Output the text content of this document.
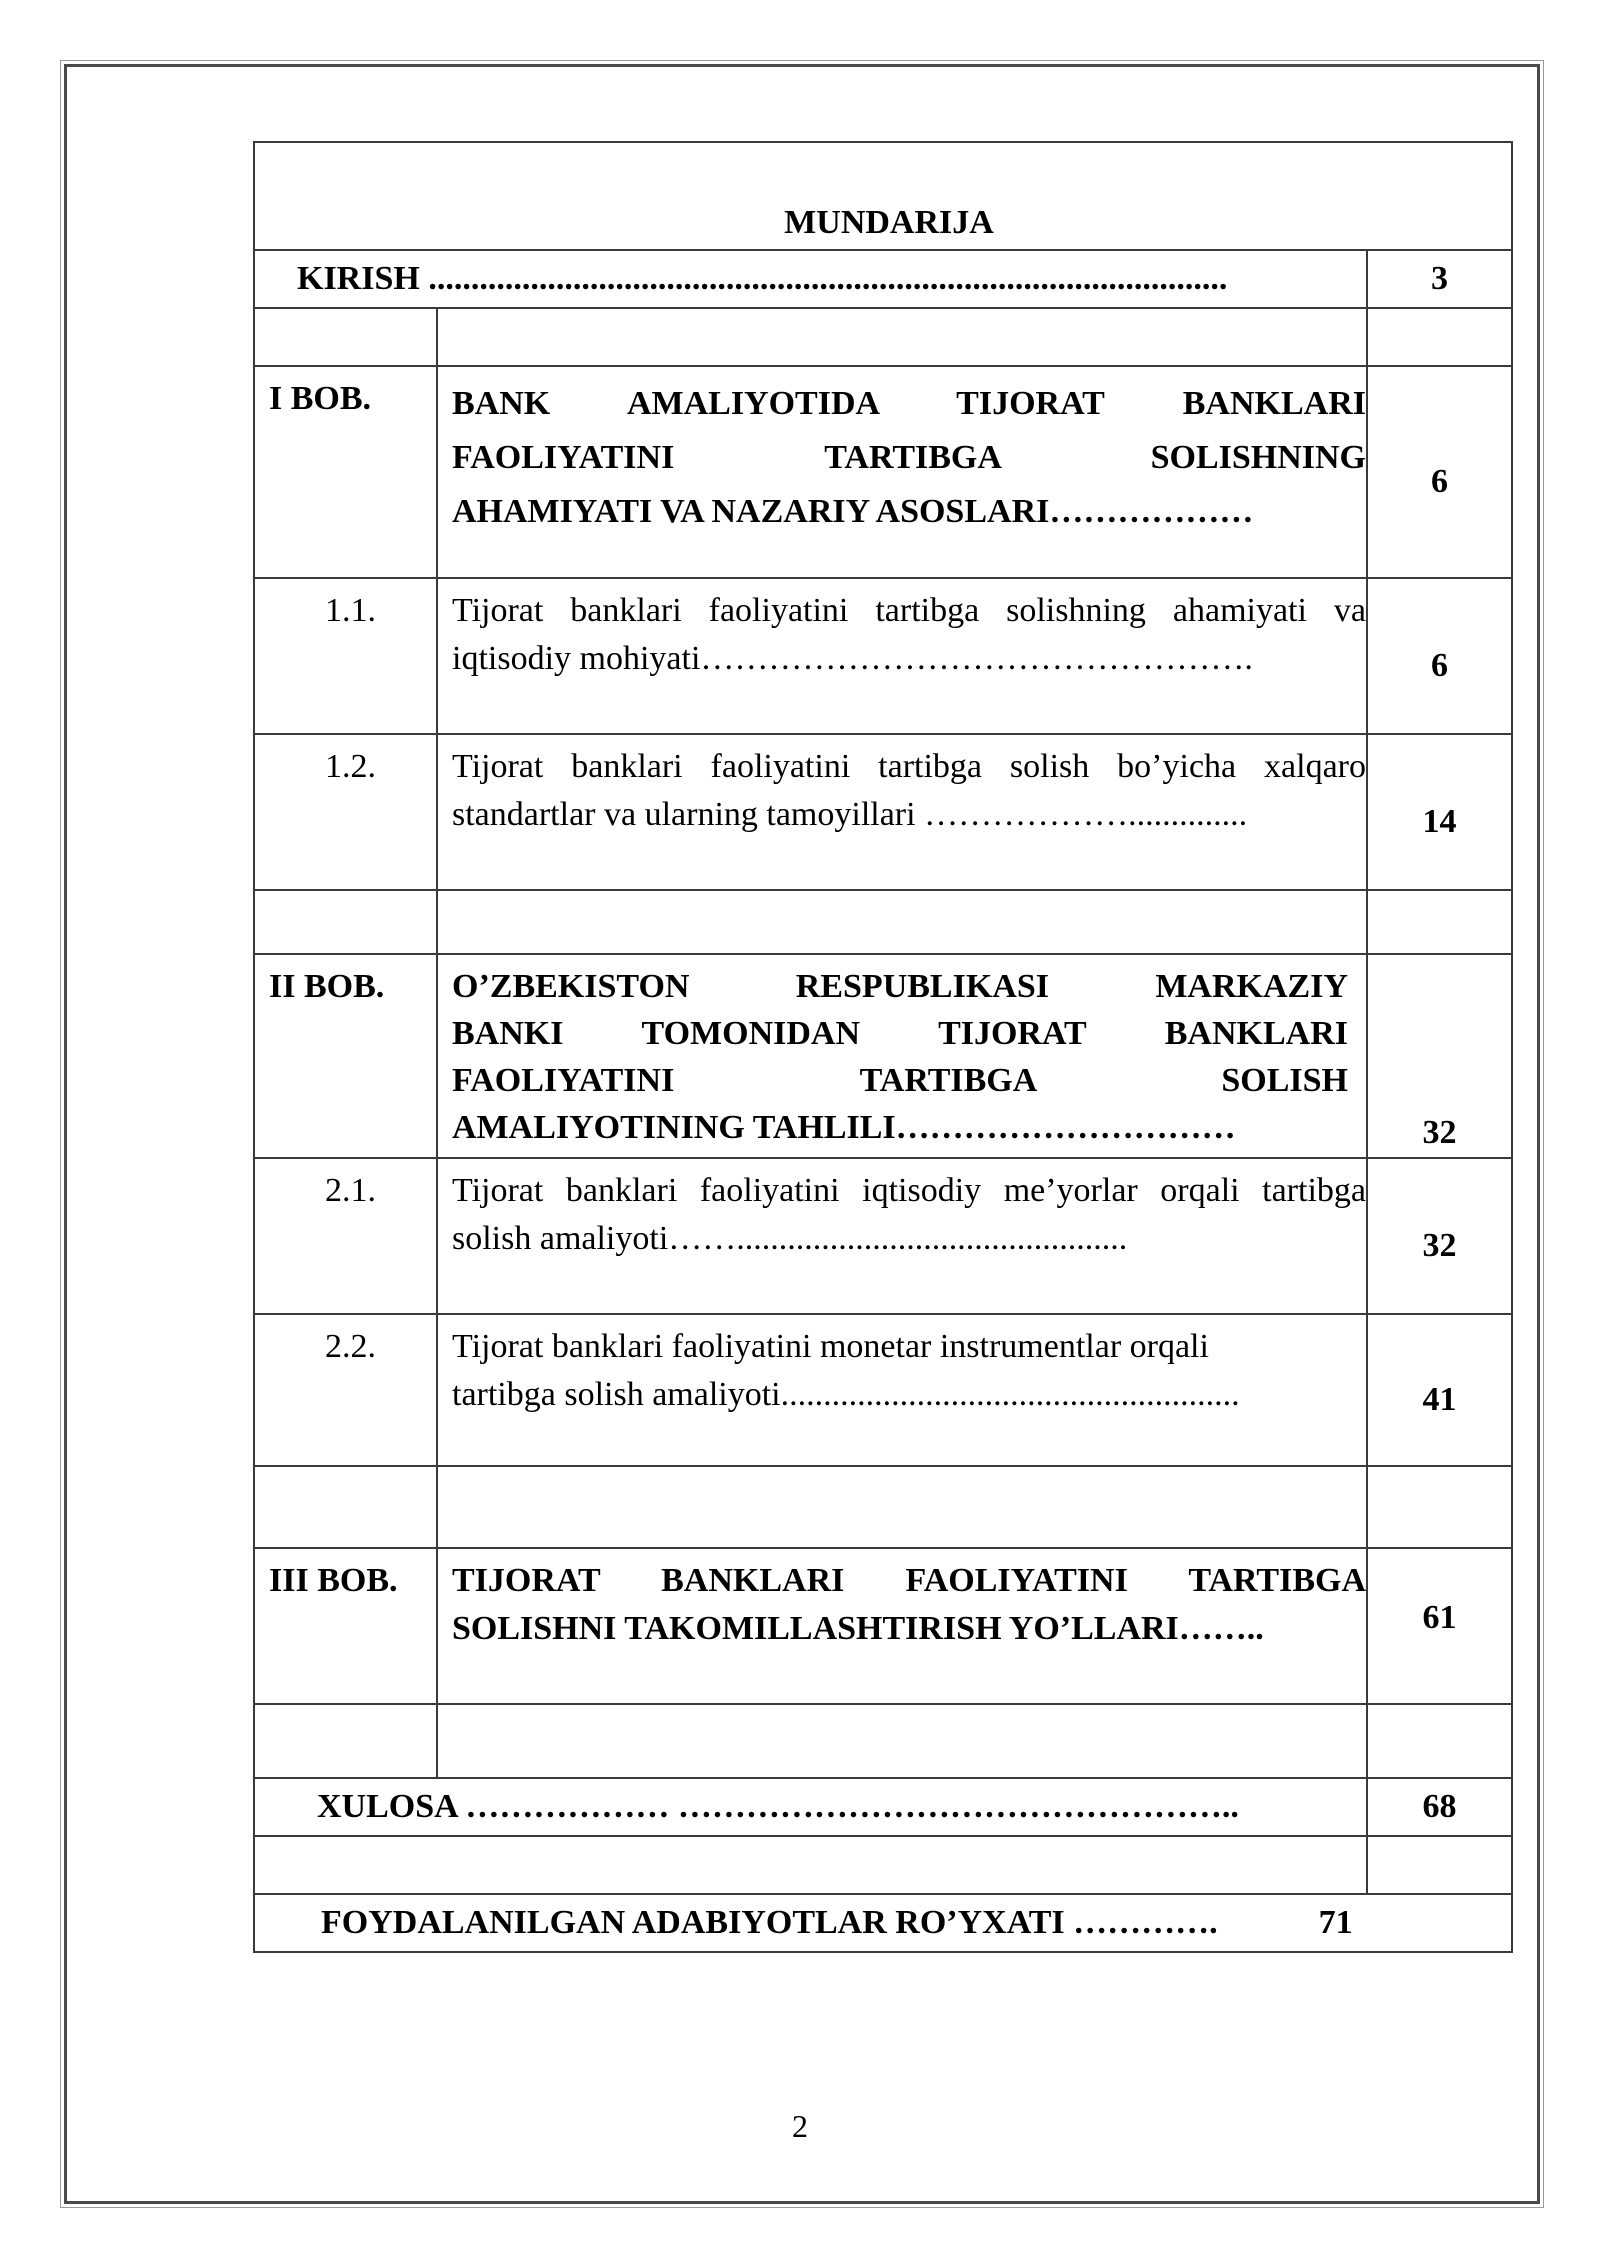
MUNDARIJA		
KIRISH ..............................................................................................		3

I BOB.	BANK AMALIYOTIDA TIJORAT BANKLARI
FAOLIYATINI TARTIBGA SOLISHNING
AHAMIYATI VA NAZARIY ASOSLARI………………	6
1.1.	Tijorat banklari faoliyatini tartibga solishning ahamiyati va
iqtisodiy mohiyati………………………………………….	6
1.2.	Tijorat banklari faoliyatini tartibga solish bo’yicha xalqaro
standartlar va ularning tamoyillari ………………..............	14

II BOB.	O’ZBEKISTON RESPUBLIKASI MARKAZIY
BANKI TOMONIDAN TIJORAT BANKLARI
FAOLIYATINI TARTIBGA SOLISH
AMALIYOTINING TAHLILI…………………………	32
2.1.	Tijorat banklari faoliyatini iqtisodiy me’yorlar orqali tartibga
solish amaliyoti……..............................................	32
2.2.	Tijorat banklari faoliyatini monetar instrumentlar orqali
tartibga solish amaliyoti......................................................	41

III BOB.	TIJORAT BANKLARI FAOLIYATINI TARTIBGA
SOLISHNI TAKOMILLASHTIRISH YO’LLARI……..	61

XULOSA ……………… …………………………………………..		68

FOYDALANILGAN ADABIYOTLAR RO’YXATI …………. 71		
2
